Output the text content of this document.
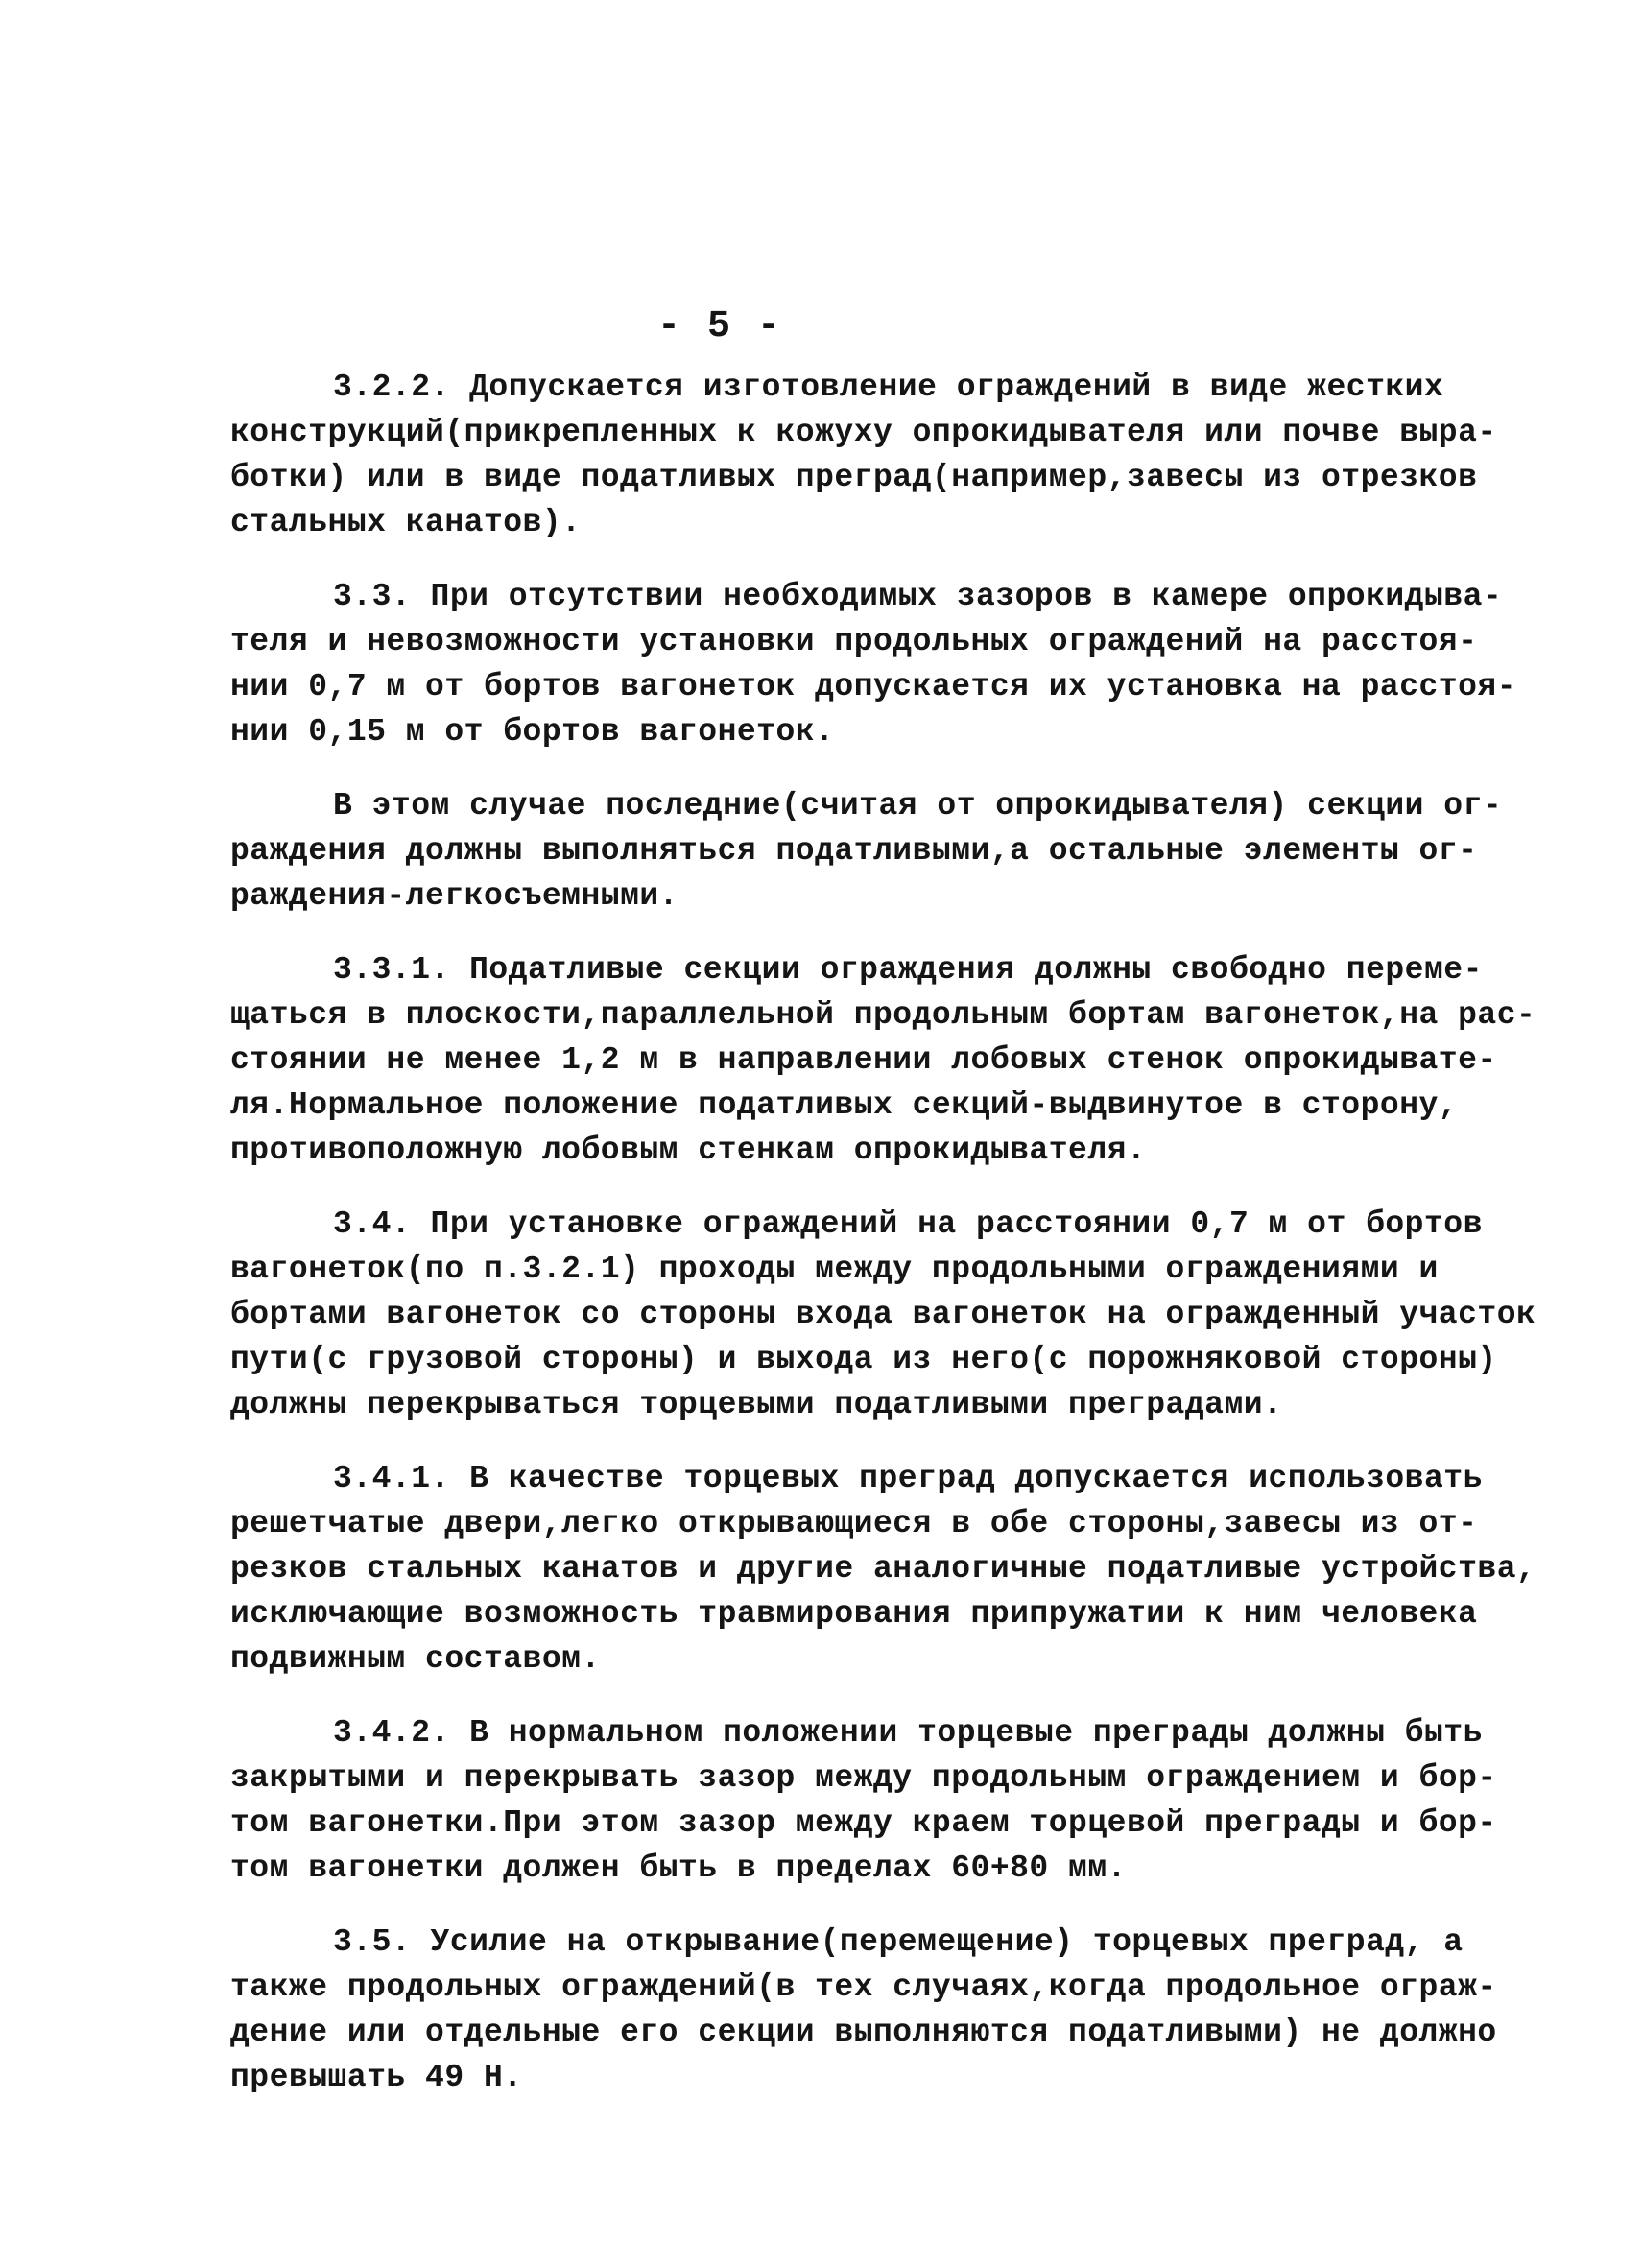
- 5 -
3.2.2. Допускается изготовление ограждений в виде жестких
конструкций(прикрепленных к кожуху опрокидывателя или почве выра-
ботки) или в виде податливых преград(например,завесы из отрезков
стальных канатов).
3.3. При отсутствии необходимых зазоров в камере опрокидыва-
теля и невозможности установки продольных ограждений на расстоя-
нии 0,7 м от бортов вагонеток допускается их установка на расстоя-
нии 0,15 м от бортов вагонеток.
В этом случае последние(считая от опрокидывателя) секции ог-
раждения должны выполняться податливыми,а остальные элементы ог-
раждения-легкосъемными.
3.3.1. Податливые секции ограждения должны свободно переме-
щаться в плоскости,параллельной продольным бортам вагонеток,на рас-
стоянии не менее 1,2 м в направлении лобовых стенок опрокидывате-
ля.Нормальное положение податливых секций-выдвинутое в сторону,
противоположную лобовым стенкам опрокидывателя.
3.4. При установке ограждений на расстоянии 0,7 м от бортов
вагонеток(по п.3.2.1) проходы между продольными ограждениями и
бортами вагонеток со стороны входа вагонеток на огражденный участок
пути(с грузовой стороны) и выхода из него(с порожняковой стороны)
должны перекрываться торцевыми податливыми преградами.
3.4.1. В качестве торцевых преград допускается использовать
решетчатые двери,легко открывающиеся в обе стороны,завесы из от-
резков стальных канатов и другие аналогичные податливые устройства,
исключающие возможность травмирования припрyжатии к ним человека
подвижным составом.
3.4.2. В нормальном положении торцевые преграды должны быть
закрытыми и перекрывать зазор между продольным ограждением и бор-
том вагонетки.При этом зазор между краем торцевой преграды и бор-
том вагонетки должен быть в пределах 60+80 мм.
3.5. Усилие на открывание(перемещение) торцевых преград, а
также продольных ограждений(в тех случаях,когда продольное ограж-
дение или отдельные его секции выполняются податливыми) не должно
превышать 49 Н.
